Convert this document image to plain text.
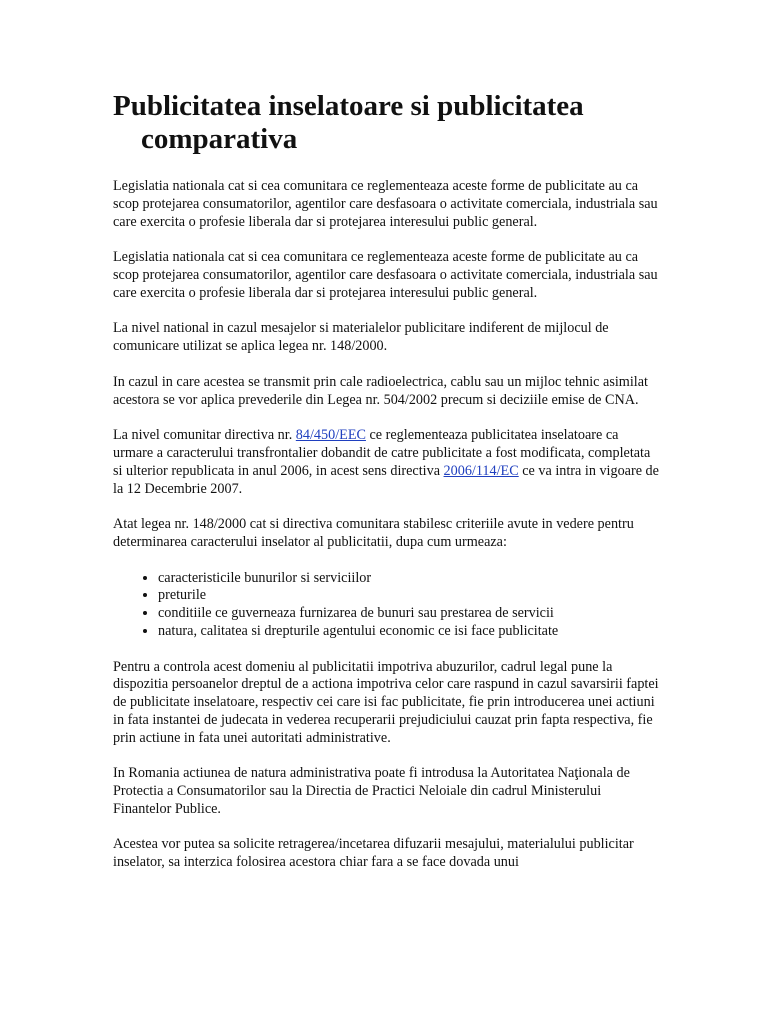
Publicitatea inselatoare si publicitatea comparativa

Legislatia nationala cat si cea comunitara ce reglementeaza aceste forme de publicitate au ca scop protejarea consumatorilor, agentilor care desfasoara o activitate comerciala, industriala sau care exercita o profesie liberala dar si protejarea interesului public general.

Legislatia nationala cat si cea comunitara ce reglementeaza aceste forme de publicitate au ca scop protejarea consumatorilor, agentilor care desfasoara o activitate comerciala, industriala sau care exercita o profesie liberala dar si protejarea interesului public general.

La nivel national in cazul mesajelor si materialelor publicitare indiferent de mijlocul de comunicare utilizat se aplica legea nr. 148/2000.

In cazul in care acestea se transmit prin cale radioelectrica, cablu sau un mijloc tehnic asimilat acestora se vor aplica prevederile din Legea nr. 504/2002 precum si deciziile emise de CNA.

La nivel comunitar directiva nr. 84/450/EEC ce reglementeaza publicitatea inselatoare ca urmare a caracterului transfrontalier dobandit de catre publicitate a fost modificata, completata si ulterior republicata in anul 2006, in acest sens directiva 2006/114/EC ce va intra in vigoare de la 12 Decembrie 2007.

Atat legea nr. 148/2000 cat si directiva comunitara stabilesc criteriile avute in vedere pentru determinarea caracterului inselator al publicitatii, dupa cum urmeaza:

• caracteristicile bunurilor si serviciilor
• preturile
• conditiile ce guverneaza furnizarea de bunuri sau prestarea de servicii
• natura, calitatea si drepturile agentului economic ce isi face publicitate

Pentru a controla acest domeniu al publicitatii impotriva abuzurilor, cadrul legal pune la dispozitia persoanelor dreptul de a actiona impotriva celor care raspund in cazul savarsirii faptei de publicitate inselatoare, respectiv cei care isi fac publicitate, fie prin introducerea unei actiuni in fata instantei de judecata in vederea recuperarii prejudiciului cauzat prin fapta respectiva, fie prin actiune in fata unei autoritati administrative.

In Romania actiunea de natura administrativa poate fi introdusa la Autoritatea Naţionala de Protectia a Consumatorilor sau la Directia de Practici Neloiale din cadrul Ministerului Finantelor Publice.

Acestea vor putea sa solicite retragerea/incetarea difuzarii mesajului, materialului publicitar inselator, sa interzica folosirea acestora chiar fara a se face dovada unui
